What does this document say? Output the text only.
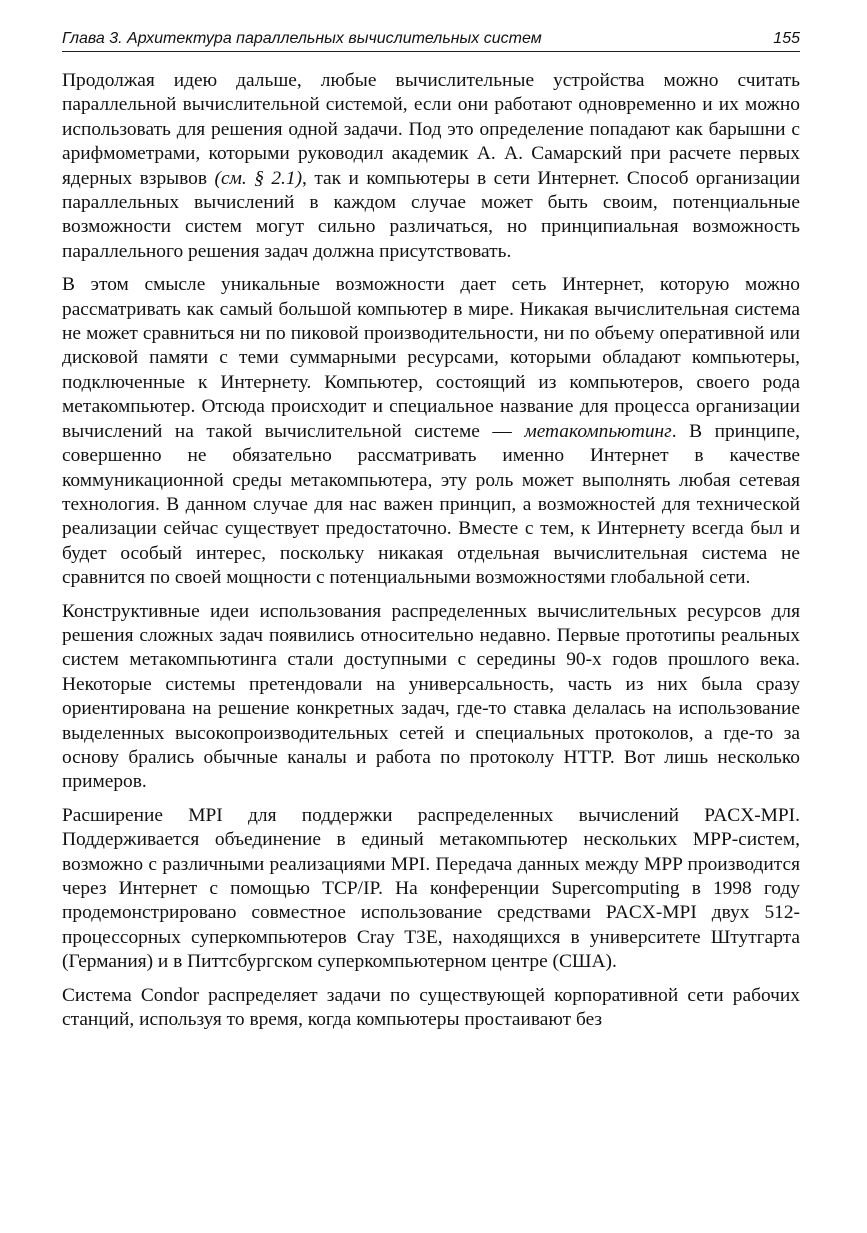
Глава 3. Архитектура параллельных вычислительных систем	155

Продолжая идею дальше, любые вычислительные устройства можно считать параллельной вычислительной системой, если они работают одновременно и их можно использовать для решения одной задачи. Под это определение попадают как барышни с арифмометрами, которыми руководил академик А. А. Самарский при расчете первых ядерных взрывов (см. § 2.1), так и компьютеры в сети Интернет. Способ организации параллельных вычислений в каждом случае может быть своим, потенциальные возможности систем могут сильно различаться, но принципиальная возможность параллельного решения задач должна присутствовать.

В этом смысле уникальные возможности дает сеть Интернет, которую можно рассматривать как самый большой компьютер в мире. Никакая вычислительная система не может сравниться ни по пиковой производительности, ни по объему оперативной или дисковой памяти с теми суммарными ресурсами, которыми обладают компьютеры, подключенные к Интернету. Компьютер, состоящий из компьютеров, своего рода метакомпьютер. Отсюда происходит и специальное название для процесса организации вычислений на такой вычислительной системе — метакомпьютинг. В принципе, совершенно не обязательно рассматривать именно Интернет в качестве коммуникационной среды метакомпьютера, эту роль может выполнять любая сетевая технология. В данном случае для нас важен принцип, а возможностей для технической реализации сейчас существует предостаточно. Вместе с тем, к Интернету всегда был и будет особый интерес, поскольку никакая отдельная вычислительная система не сравнится по своей мощности с потенциальными возможностями глобальной сети.

Конструктивные идеи использования распределенных вычислительных ресурсов для решения сложных задач появились относительно недавно. Первые прототипы реальных систем метакомпьютинга стали доступными с середины 90-х годов прошлого века. Некоторые системы претендовали на универсальность, часть из них была сразу ориентирована на решение конкретных задач, где-то ставка делалась на использование выделенных высокопроизводительных сетей и специальных протоколов, а где-то за основу брались обычные каналы и работа по протоколу HTTP. Вот лишь несколько примеров.

Расширение MPI для поддержки распределенных вычислений PACX-MPI. Поддерживается объединение в единый метакомпьютер нескольких MPP-систем, возможно с различными реализациями MPI. Передача данных между MPP производится через Интернет с помощью TCP/IP. На конференции Supercomputing в 1998 году продемонстрировано совместное использование средствами PACX-MPI двух 512-процессорных суперкомпьютеров Cray T3E, находящихся в университете Штутгарта (Германия) и в Питтсбургском суперкомпьютерном центре (США).

Система Condor распределяет задачи по существующей корпоративной сети рабочих станций, используя то время, когда компьютеры простаивают без
